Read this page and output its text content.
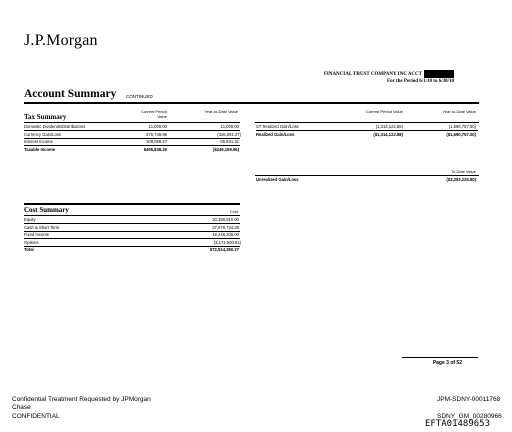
J.P.Morgan
FINANCIAL TRUST COMPANY INC ACCT
For the Period 6/1/10 to 6/30/10
Account Summary CONTINUED
Tax Summary
Current Period Value
Year-to-Date Value
Domestic Dividends/Distributions	11,000.00	11,000.00
Currency Gain/Loss	375,748.98	(326,091.27)
Interest Income	109,089.27	65,931.31
Taxable Income	$495,838.25	($249,159.96)
Current Period Value	Year-to-Date Value
ST Realized Gain/Loss	(1,314,122.88)	(1,690,757.00)
Realized Gain/Loss	($1,314,122.88)	($1,690,757.00)
To-Date Value
Unrealized Gain/Loss	($3,393,225.80)
Cost Summary	Cost
Equity	20,358,910.00
Cash & Short Term	37,076,734.28
Fixed Income	18,246,206.00
Options	(3,171,500.01)
Total	$72,514,350.27
Page 3 of 52
Confidential Treatment Requested by JPMorgan
Chase
CONFIDENTIAL
JPM-SDNY-00011768
SDNY_GM_00280966
EFTA01489653
